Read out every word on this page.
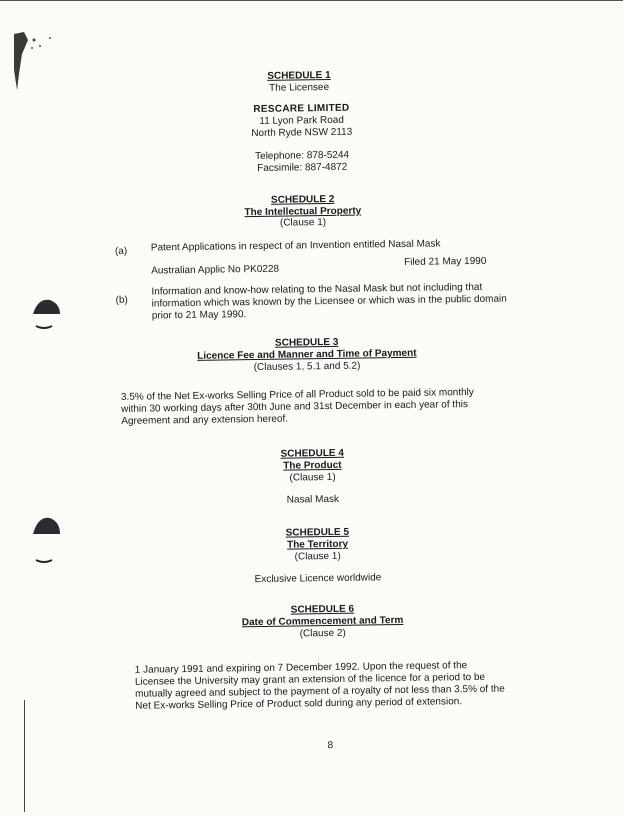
SCHEDULE 1
The Licensee
RESCARE LIMITED
11 Lyon Park Road
North Ryde NSW 2113
Telephone: 878-5244
Facsimile: 887-4872
SCHEDULE 2
The Intellectual Property
(Clause 1)
(a) Patent Applications in respect of an Invention entitled Nasal Mask
Australian Applic No PK0228
Filed 21 May 1990
(b)
Information and know-how relating to the Nasal Mask but not including that
information which was known by the Licensee or which was in the public domain
prior to 21 May 1990.
SCHEDULE 3
Licence Fee and Manner and Time of Payment
(Clauses 1, 5.1 and 5.2)
3.5% of the Net Ex-works Selling Price of all Product sold to be paid six monthly
within 30 working days after 30th June and 31st December in each year of this
Agreement and any extension hereof.
SCHEDULE 4
The Product
(Clause 1)
Nasal Mask
SCHEDULE 5
The Territory
(Clause 1)
Exclusive Licence worldwide
SCHEDULE 6
Date of Commencement and Term
(Clause 2)
1 January 1991 and expiring on 7 December 1992. Upon the request of the
Licensee the University may grant an extension of the licence for a period to be
mutually agreed and subject to the payment of a royalty of not less than 3.5% of the
Net Ex-works Selling Price of Product sold during any period of extension.
8
